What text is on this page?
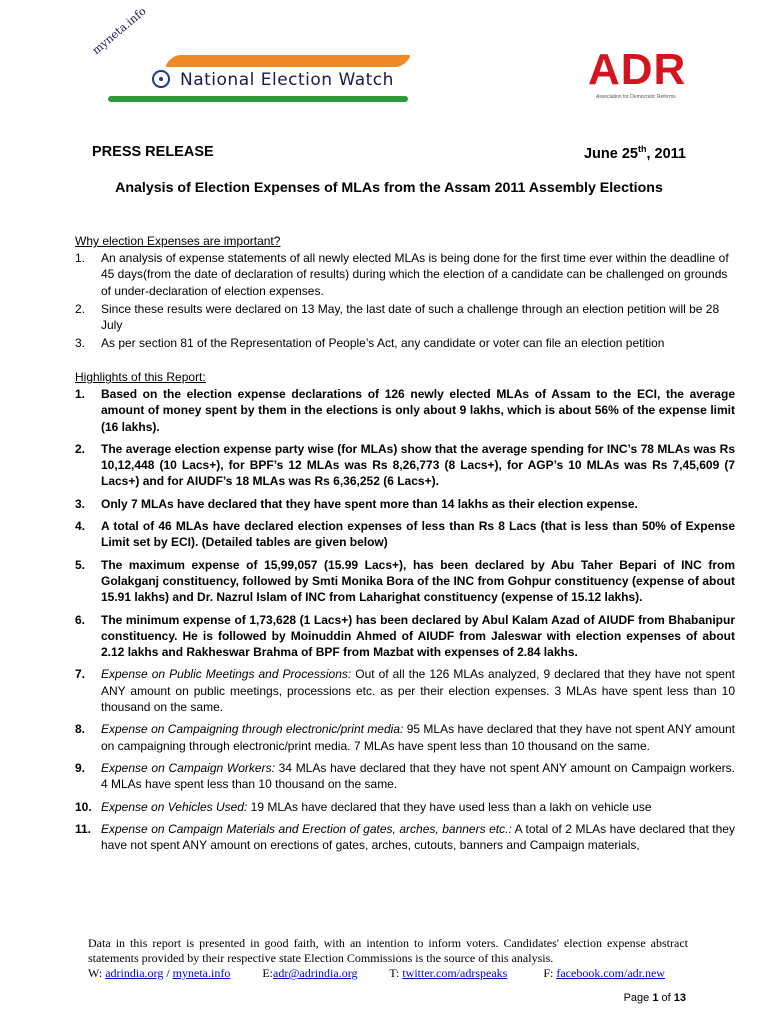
myneta.info
National Election Watch	ADR
Association for Democratic Reforms
PRESS RELEASE	June 25th, 2011
Analysis of Election Expenses of MLAs from the Assam 2011 Assembly Elections
Why election Expenses are important?
1. An analysis of expense statements of all newly elected MLAs is being done for the first time ever within the deadline of 45 days(from the date of declaration of results) during which the election of a candidate can be challenged on grounds of under-declaration of election expenses.
2. Since these results were declared on 13 May, the last date of such a challenge through an election petition will be 28 July
3. As per section 81 of the Representation of People’s Act, any candidate or voter can file an election petition
Highlights of this Report:
1. Based on the election expense declarations of 126 newly elected MLAs of Assam to the ECI, the average amount of money spent by them in the elections is only about 9 lakhs, which is about 56% of the expense limit (16 lakhs).
2. The average election expense party wise (for MLAs) show that the average spending for INC’s 78 MLAs was Rs 10,12,448 (10 Lacs+), for BPF’s 12 MLAs was Rs 8,26,773 (8 Lacs+), for AGP’s 10 MLAs was Rs 7,45,609 (7 Lacs+) and for AIUDF’s 18 MLAs was Rs 6,36,252 (6 Lacs+).
3. Only 7 MLAs have declared that they have spent more than 14 lakhs as their election expense.
4. A total of 46 MLAs have declared election expenses of less than Rs 8 Lacs (that is less than 50% of Expense Limit set by ECI). (Detailed tables are given below)
5. The maximum expense of 15,99,057 (15.99 Lacs+), has been declared by Abu Taher Bepari of INC from Golakganj constituency, followed by Smti Monika Bora of the INC from Gohpur constituency (expense of about 15.91 lakhs) and Dr. Nazrul Islam of INC from Laharighat constituency (expense of 15.12 lakhs).
6. The minimum expense of 1,73,628 (1 Lacs+) has been declared by Abul Kalam Azad of AIUDF from Bhabanipur constituency. He is followed by Moinuddin Ahmed of AIUDF from Jaleswar with election expenses of about 2.12 lakhs and Rakheswar Brahma of BPF from Mazbat with expenses of 2.84 lakhs.
7. Expense on Public Meetings and Processions: Out of all the 126 MLAs analyzed, 9 declared that they have not spent ANY amount on public meetings, processions etc. as per their election expenses. 3 MLAs have spent less than 10 thousand on the same.
8. Expense on Campaigning through electronic/print media: 95 MLAs have declared that they have not spent ANY amount on campaigning through electronic/print media. 7 MLAs have spent less than 10 thousand on the same.
9. Expense on Campaign Workers: 34 MLAs have declared that they have not spent ANY amount on Campaign workers. 4 MLAs have spent less than 10 thousand on the same.
10. Expense on Vehicles Used: 19 MLAs have declared that they have used less than a lakh on vehicle use
11. Expense on Campaign Materials and Erection of gates, arches, banners etc.: A total of 2 MLAs have declared that they have not spent ANY amount on erections of gates, arches, cutouts, banners and Campaign materials,
Data in this report is presented in good faith, with an intention to inform voters. Candidates' election expense abstract statements provided by their respective state Election Commissions is the source of this analysis.
W: adrindia.org / myneta.info	E:adr@adrindia.org	T: twitter.com/adrspeaks	F: facebook.com/adr.new
Page 1 of 13
